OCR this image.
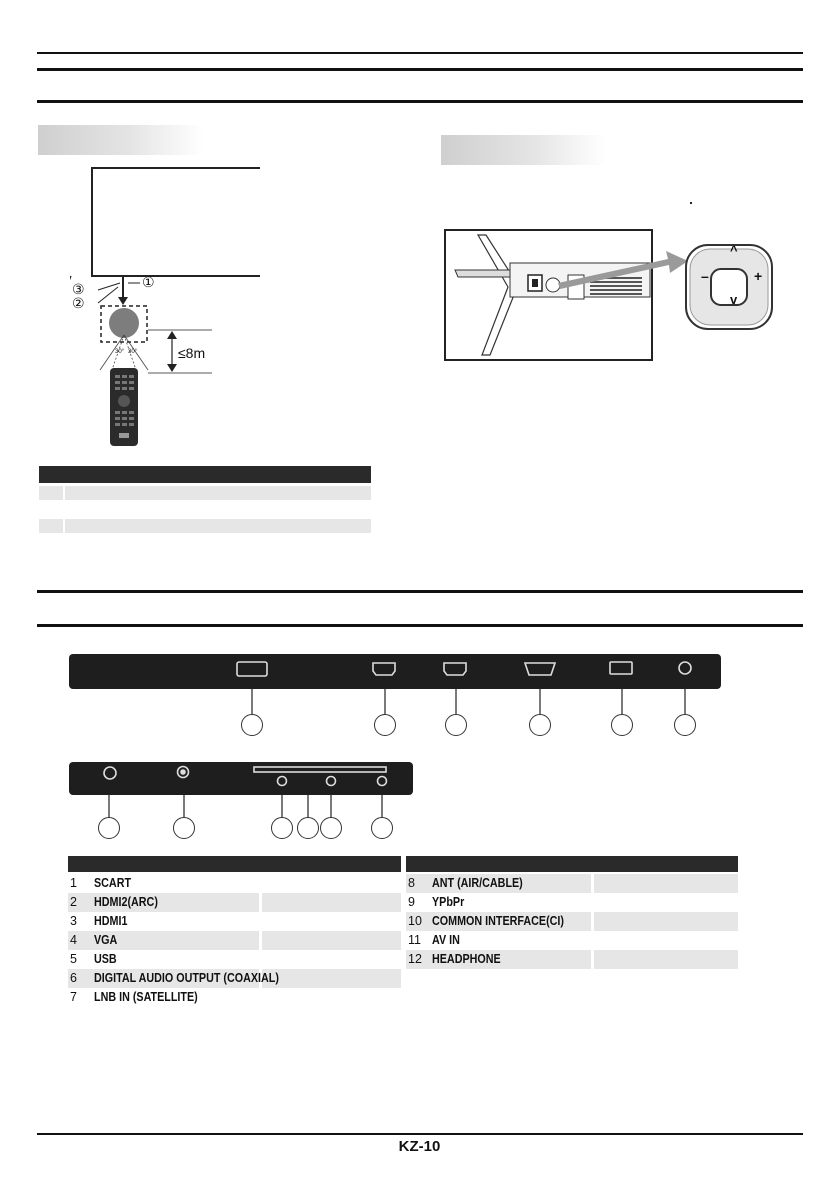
①
③
②
≤8m
30° 30°
^
v
–	+
1	SCART
2	HDMI2(ARC)
3	HDMI1
4	VGA
5	USB
6	DIGITAL AUDIO OUTPUT (COAXIAL)
7	LNB IN (SATELLITE)
8	ANT (AIR/CABLE)
9	YPbPr
10 COMMON INTERFACE(CI)
11 AV IN
12 HEADPHONE
KZ-10
